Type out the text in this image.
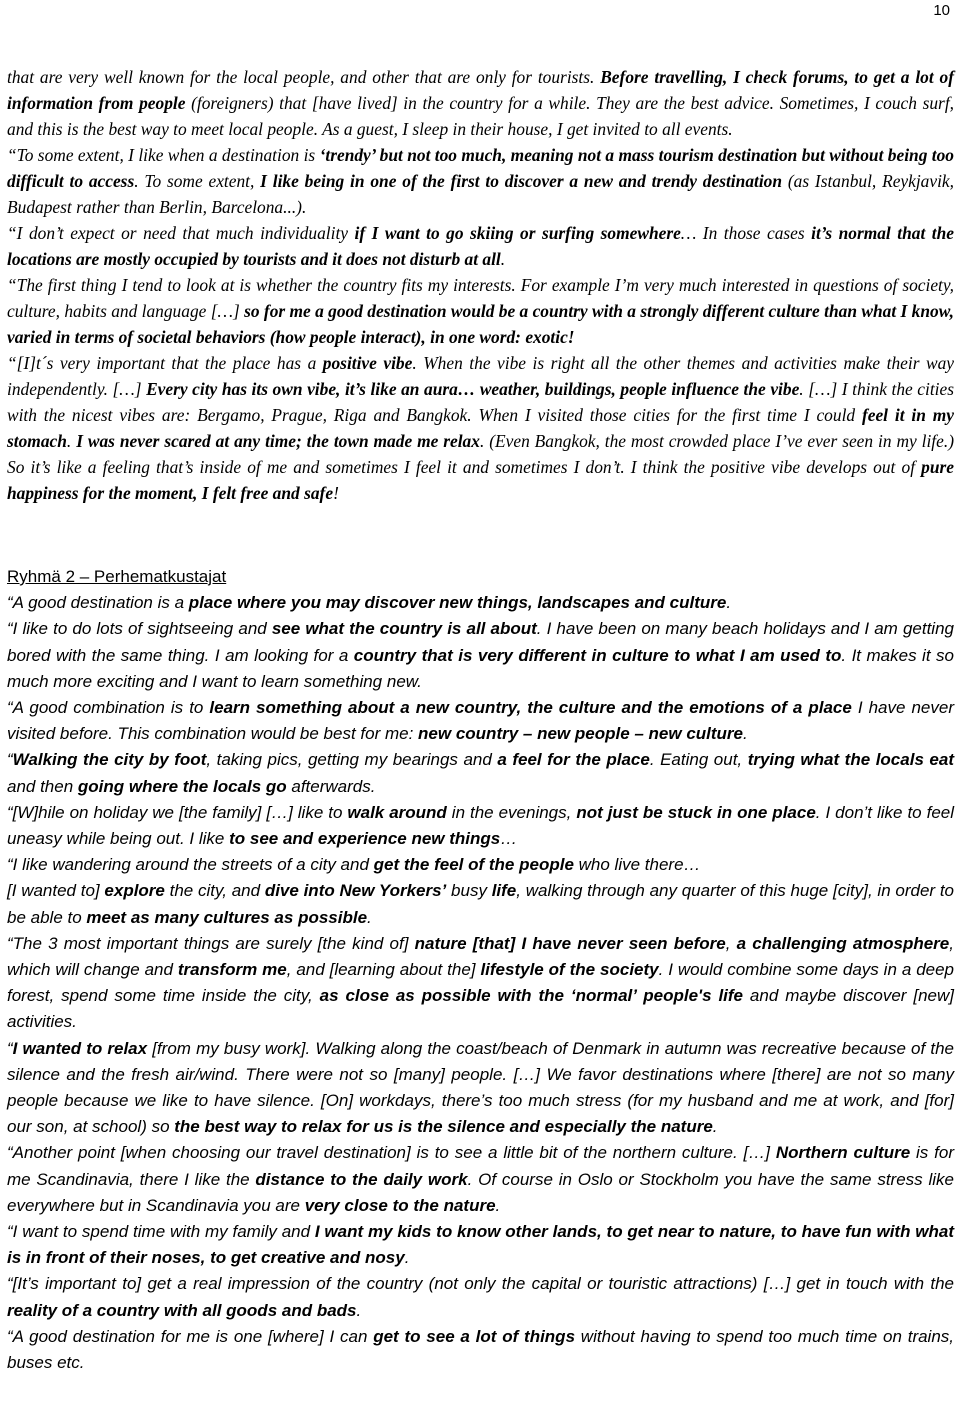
10

that are very well known for the local people, and other that are only for tourists. Before travelling, I check forums, to get a lot of information from people (foreigners) that [have lived] in the country for a while. They are the best advice. Sometimes, I couch surf, and this is the best way to meet local people. As a guest, I sleep in their house, I get invited to all events.

“To some extent, I like when a destination is ‘trendy’ but not too much, meaning not a mass tourism destination but without being too difficult to access. To some extent, I like being in one of the first to discover a new and trendy destination (as Istanbul, Reykjavik, Budapest rather than Berlin, Barcelona...).

“I don’t expect or need that much individuality if I want to go skiing or surfing somewhere… In those cases it’s normal that the locations are mostly occupied by tourists and it does not disturb at all.

“The first thing I tend to look at is whether the country fits my interests. For example I’m very much interested in questions of society, culture, habits and language […] so for me a good destination would be a country with a strongly different culture than what I know, varied in terms of societal behaviors (how people interact), in one word: exotic!

“[I]t´s very important that the place has a positive vibe. When the vibe is right all the other themes and activities make their way independently. […] Every city has its own vibe, it’s like an aura… weather, buildings, people influence the vibe. […] I think the cities with the nicest vibes are: Bergamo, Prague, Riga and Bangkok. When I visited those cities for the first time I could feel it in my stomach. I was never scared at any time; the town made me relax. (Even Bangkok, the most crowded place I’ve ever seen in my life.) So it’s like a feeling that’s inside of me and sometimes I feel it and sometimes I don’t. I think the positive vibe develops out of pure happiness for the moment, I felt free and safe!

Ryhmä 2 – Perhematkustajat

“A good destination is a place where you may discover new things, landscapes and culture.

“I like to do lots of sightseeing and see what the country is all about. I have been on many beach holidays and I am getting bored with the same thing. I am looking for a country that is very different in culture to what I am used to. It makes it so much more exciting and I want to learn something new.

“A good combination is to learn something about a new country, the culture and the emotions of a place I have never visited before. This combination would be best for me: new country – new people – new culture.

“Walking the city by foot, taking pics, getting my bearings and a feel for the place. Eating out, trying what the locals eat and then going where the locals go afterwards.

“[W]hile on holiday we [the family] […] like to walk around in the evenings, not just be stuck in one place. I don’t like to feel uneasy while being out. I like to see and experience new things…

“I like wandering around the streets of a city and get the feel of the people who live there…

[I wanted to] explore the city, and dive into New Yorkers’ busy life, walking through any quarter of this huge [city], in order to be able to meet as many cultures as possible.

“The 3 most important things are surely [the kind of] nature [that] I have never seen before, a challenging atmosphere, which will change and transform me, and [learning about the] lifestyle of the society. I would combine some days in a deep forest, spend some time inside the city, as close as possible with the ‘normal’ people's life and maybe discover [new] activities.

“I wanted to relax [from my busy work]. Walking along the coast/beach of Denmark in autumn was recreative because of the silence and the fresh air/wind. There were not so [many] people. […] We favor destinations where [there] are not so many people because we like to have silence. [On] workdays, there’s too much stress (for my husband and me at work, and [for] our son, at school) so the best way to relax for us is the silence and especially the nature.

“Another point [when choosing our travel destination] is to see a little bit of the northern culture. […] Northern culture is for me Scandinavia, there I like the distance to the daily work. Of course in Oslo or Stockholm you have the same stress like everywhere but in Scandinavia you are very close to the nature.

“I want to spend time with my family and I want my kids to know other lands, to get near to nature, to have fun with what is in front of their noses, to get creative and nosy.

“[It’s important to] get a real impression of the country (not only the capital or touristic attractions) […] get in touch with the reality of a country with all goods and bads.

“A good destination for me is one [where] I can get to see a lot of things without having to spend too much time on trains, buses etc.
